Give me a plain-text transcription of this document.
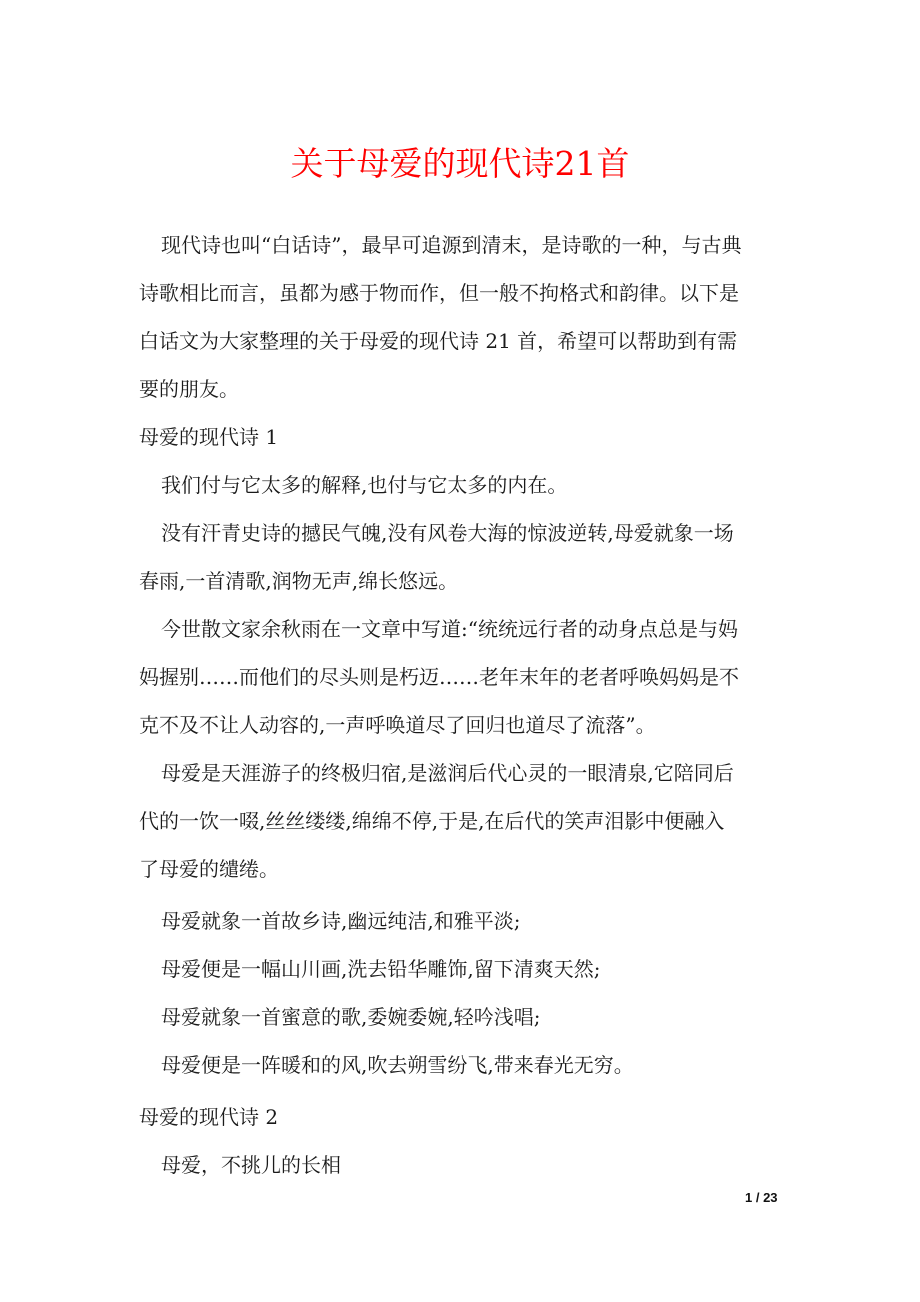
关于母爱的现代诗21首
现代诗也叫“白话诗”，最早可追源到清末，是诗歌的一种，与古典
诗歌相比而言，虽都为感于物而作，但一般不拘格式和韵律。以下是
白话文为大家整理的关于母爱的现代诗 21 首，希望可以帮助到有需
要的朋友。
母爱的现代诗 1
我们付与它太多的解释,也付与它太多的内在。
没有汗青史诗的撼民气魄,没有风卷大海的惊波逆转,母爱就象一场
春雨,一首清歌,润物无声,绵长悠远。
今世散文家余秋雨在一文章中写道:“统统远行者的动身点总是与妈
妈握别……而他们的尽头则是朽迈……老年末年的老者呼唤妈妈是不
克不及不让人动容的,一声呼唤道尽了回归也道尽了流落”。
母爱是天涯游子的终极归宿,是滋润后代心灵的一眼清泉,它陪同后
代的一饮一啜,丝丝缕缕,绵绵不停,于是,在后代的笑声泪影中便融入
了母爱的缱绻。
母爱就象一首故乡诗,幽远纯洁,和雅平淡;
母爱便是一幅山川画,洗去铅华雕饰,留下清爽天然;
母爱就象一首蜜意的歌,委婉委婉,轻吟浅唱;
母爱便是一阵暖和的风,吹去朔雪纷飞,带来春光无穷。
母爱的现代诗 2
母爱，不挑儿的长相
1 / 23
